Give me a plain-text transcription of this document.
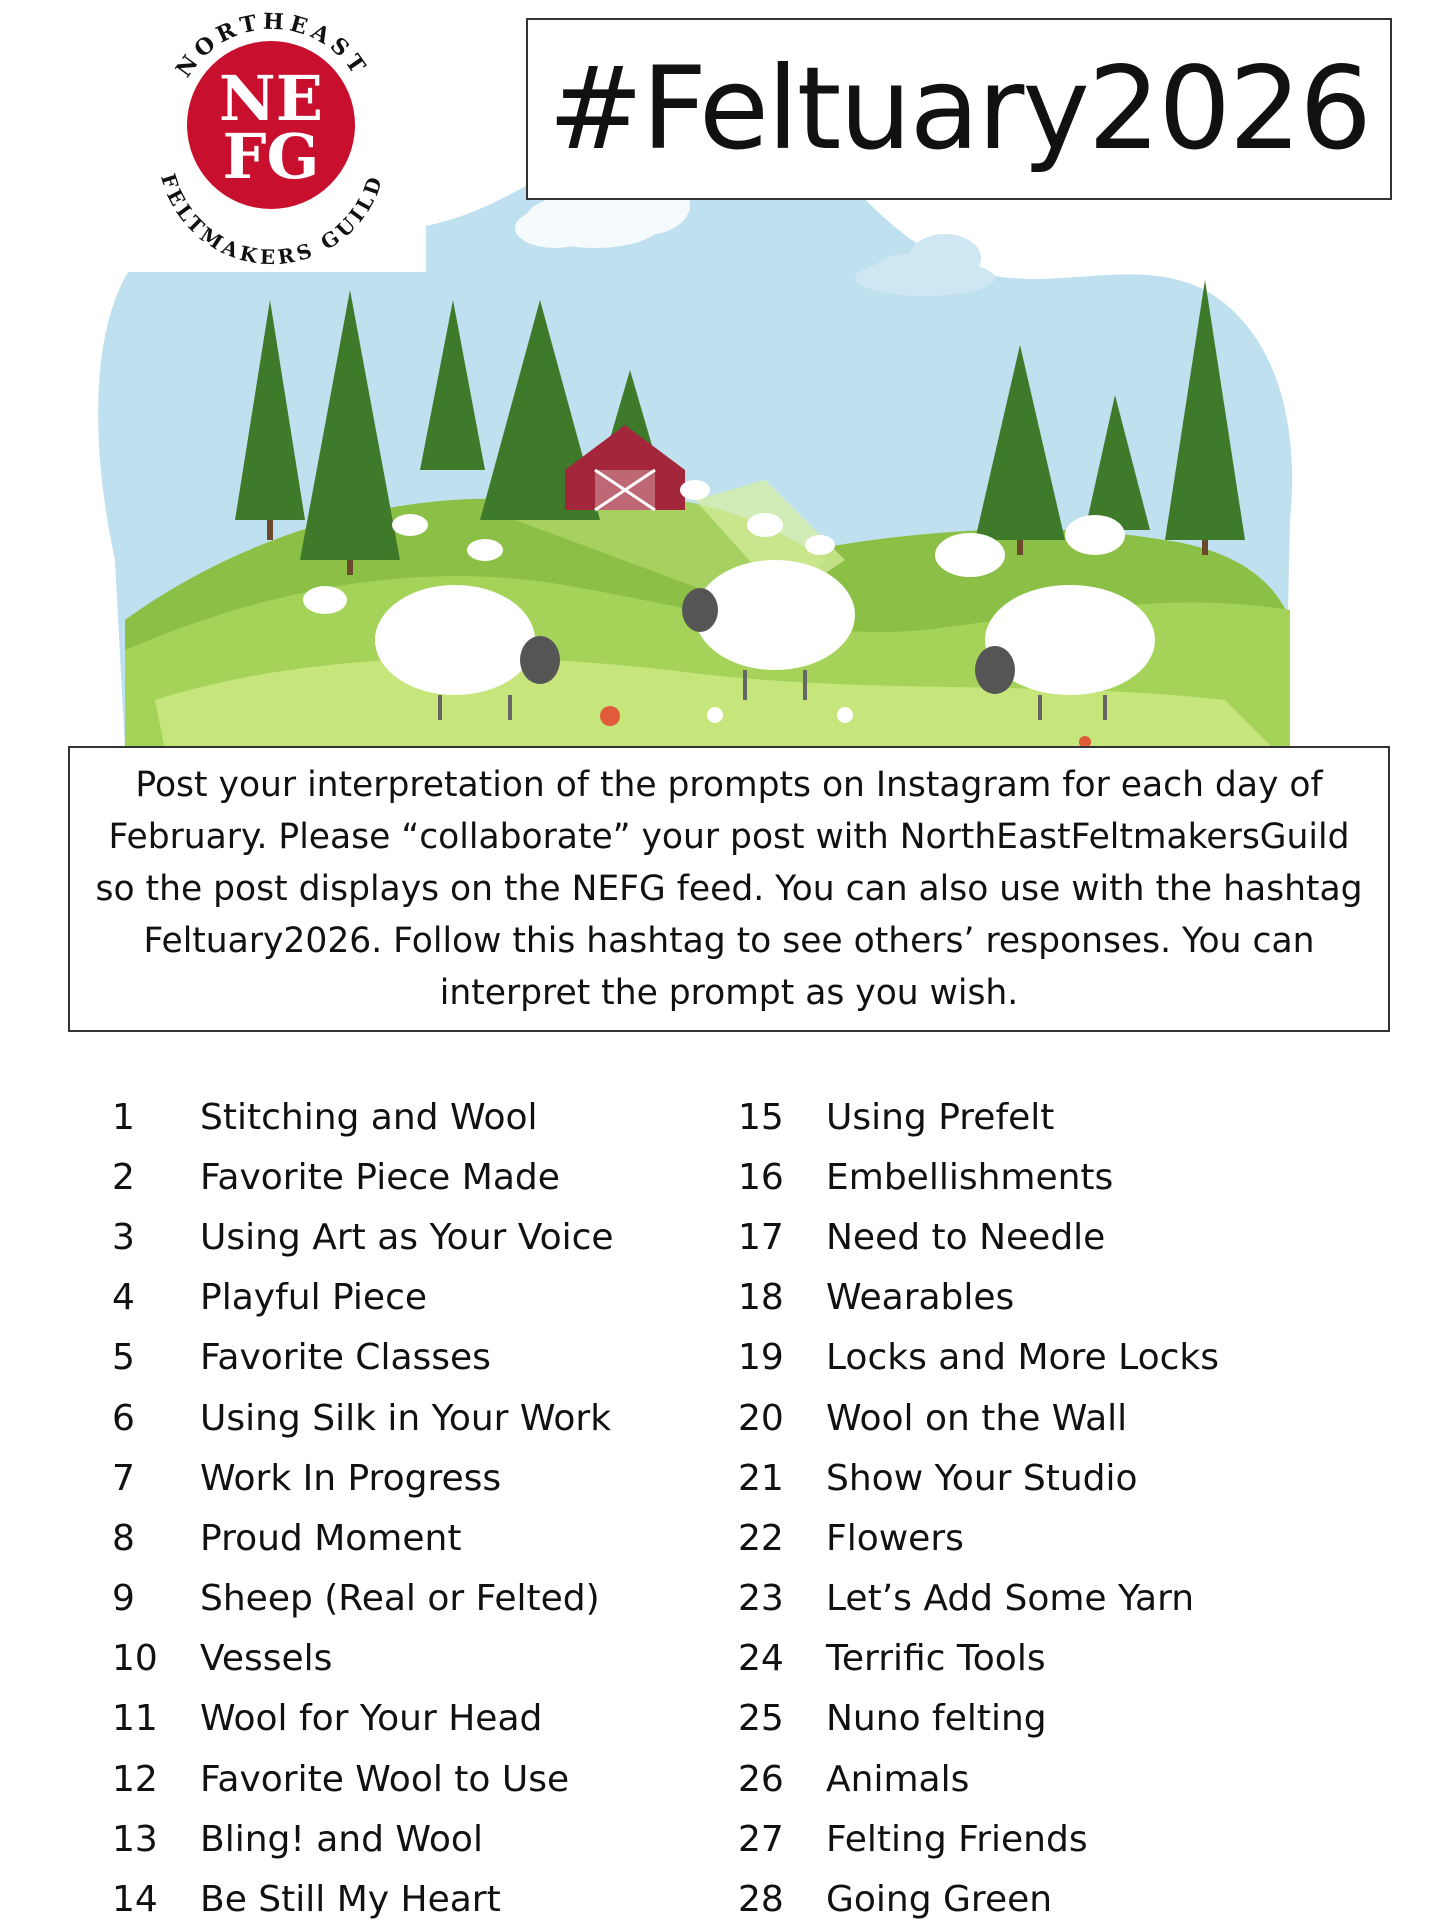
NORTHEAST
FELTMAKERS GUILD
NE
FG #Feltuary2026

Post your interpretation of the prompts on Instagram for each day of February. Please “collaborate” your post with NorthEastFeltmakersGuild so the post displays on the NEFG feed. You can also use with the hashtag Feltuary2026. Follow this hashtag to see others’ responses. You can interpret the prompt as you wish.

1	Stitching and Wool
2	Favorite Piece Made
3	Using Art as Your Voice
4	Playful Piece
5	Favorite Classes
6	Using Silk in Your Work
7	Work In Progress
8	Proud Moment
9	Sheep (Real or Felted)
10	Vessels
11	Wool for Your Head
12	Favorite Wool to Use
13	Bling! and Wool
14	Be Still My Heart
15	Using Prefelt
16	Embellishments
17	Need to Needle
18	Wearables
19	Locks and More Locks
20	Wool on the Wall
21	Show Your Studio
22	Flowers
23	Let’s Add Some Yarn
24	Terrific Tools
25	Nuno felting
26	Animals
27	Felting Friends
28	Going Green
